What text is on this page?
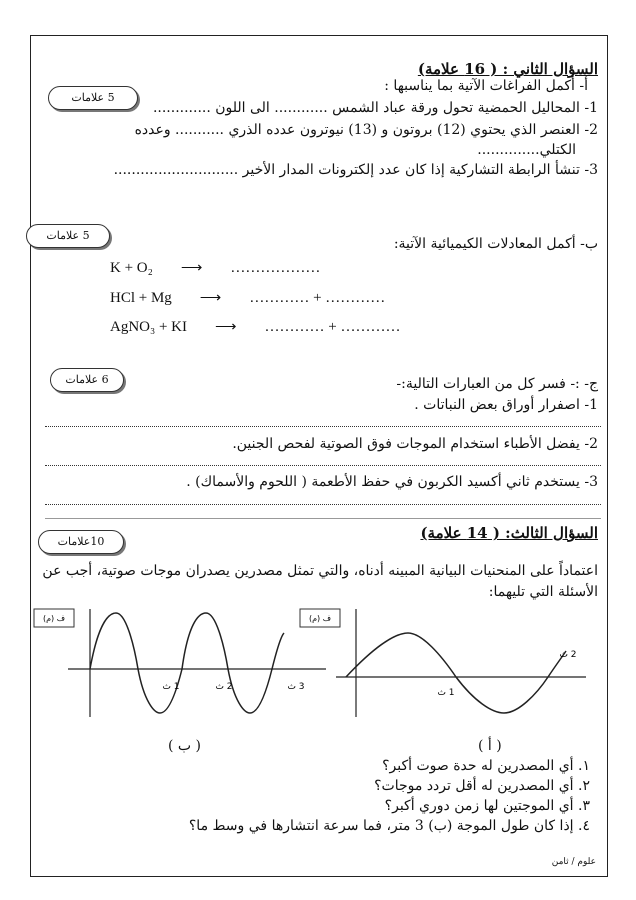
السؤال الثاني : ( 16 علامة)
5 علامات
أ- أكمل الفراغات الآتية بما يناسبها :
1- المحاليل الحمضية تحول ورقة عباد الشمس ............ الى اللون .............
2- العنصر الذي يحتوي (12) بروتون و (13) نيوترون عدده الذري ........... وعدده
الكتلي..............
3- تنشأ الرابطة التشاركية إذا كان عدد إلكترونات المدار الأخير ............................
5 علامات
ب- أكمل المعادلات الكيميائية الآتية:
K + O₂ ⟶ ………………
HCl + Mg ⟶ ………… + …………
AgNO₃ + KI ⟶ ………… + …………
6 علامات	ج- :- فسر كل من العبارات التالية:-
1- اصفرار أوراق بعض النباتات .
2- يفضل الأطباء استخدام الموجات فوق الصوتية لفحص الجنين.
3- يستخدم ثاني أكسيد الكربون في حفظ الأطعمة ( اللحوم والأسماك) .
السؤال الثالث: ( 14 علامة)
10علامات
اعتماداً على المنحنيات البيانية المبينه أدناه، والتي تمثل مصدرين يصدران موجات صوتية، أجب عن
الأسئلة التي تليهما:
ف (م)
1 ث	2 ث	3 ث
ف (م)
1 ث
2 ث
( ب )	( أ )
١. أي المصدرين له حدة صوت أكبر؟
٢. أي المصدرين له أقل تردد موجات؟
٣. أي الموجتين لها زمن دوري أكبر؟
٤. إذا كان طول الموجة (ب) 3 متر، فما سرعة انتشارها في وسط ما؟
علوم / ثامن
